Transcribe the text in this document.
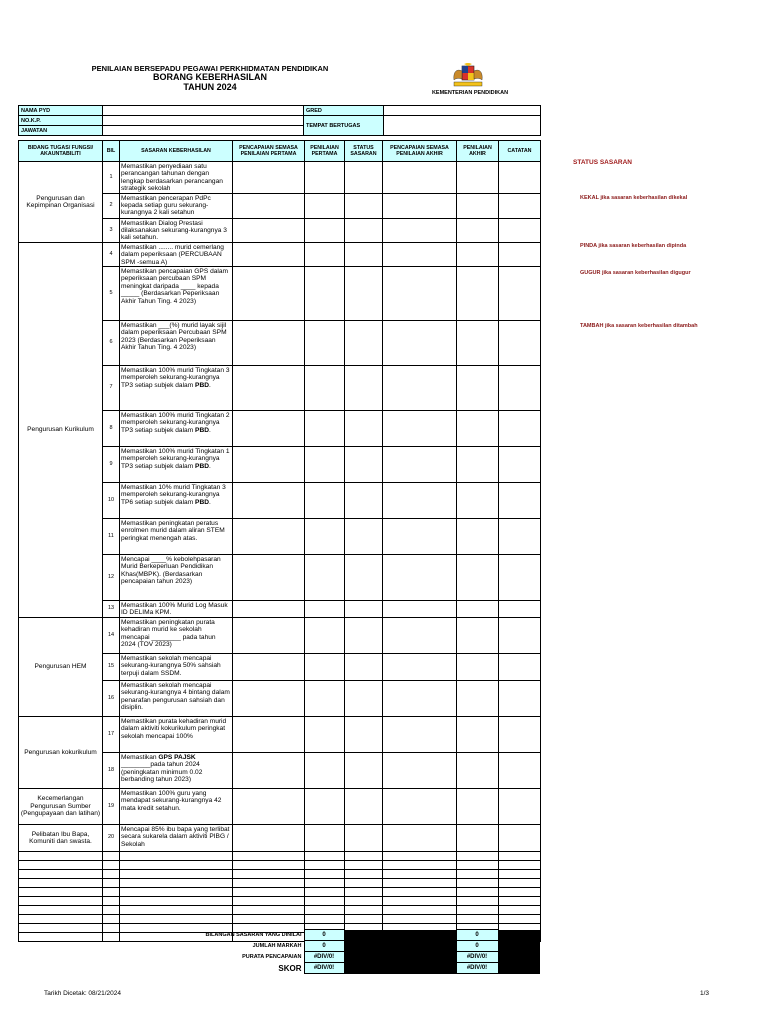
PENILAIAN BERSEPADU PEGAWAI PERKHIDMATAN PENDIDIKAN
BORANG KEBERHASILAN
TAHUN 2024
KEMENTERIAN PENDIDIKAN
NAMA PYD		GRED	
NO.K.P.		TEMPAT BERTUGAS	
JAWATAN			
BIDANG TUGAS/ FUNGSI/ AKAUNTABILITI	BIL	SASARAN KEBERHASILAN	PENCAPAIAN SEMASA PENILAIAN PERTAMA	PENILAIAN PERTAMA	STATUS SASARAN	PENCAPAIAN SEMASA PENILAIAN AKHIR	PENILAIAN AKHIR	CATATAN
Pengurusan dan Kepimpinan Organisasi	1	Memastikan penyediaan satu perancangan tahunan dengan lengkap berdasarkan perancangan strategik sekolah						
	2	Memastikan pencerapan PdPc kepada setiap guru sekurang-kurangnya 2 kali setahun						
	3	Memastikan Dialog Prestasi dilaksanakan sekurang-kurangnya 3 kali setahun.						
Pengurusan Kurikulum	4	Memastikan ........ murid cemerlang dalam peperiksaan (PERCUBAAN SPM -semua A)						
	5	Memastikan pencapaian GPS dalam peperiksaan percubaan SPM meningkat daripada ____ kepada _____ (Berdasarkan Peperiksaan Akhir Tahun Ting. 4 2023)						
	6	Memastikan ___(%) murid layak sijil dalam peperiksaan Percubaan SPM 2023 (Berdasarkan Peperiksaan Akhir Tahun Ting. 4 2023)						
	7	Memastikan 100% murid Tingkatan 3 memperoleh sekurang-kurangnya TP3 setiap subjek dalam PBD.						
	8	Memastikan 100% murid Tingkatan 2 memperoleh sekurang-kurangnya TP3 setiap subjek dalam PBD.						
	9	Memastikan 100% murid Tingkatan 1 memperoleh sekurang-kurangnya TP3 setiap subjek dalam PBD.						
	10	Memastikan 10% murid Tingkatan 3 memperoleh sekurang-kurangnya TP6 setiap subjek dalam PBD.						
	11	Memastikan peningkatan peratus enrolmen murid dalam aliran STEM peringkat menengah atas.						
	12	Mencapai ____% kebolehpasaran Murid Berkeperluan Pendidikan Khas(MBPK). (Berdasarkan pencapaian tahun 2023)						
	13	Memastikan 100% Murid Log Masuk ID DELIMa KPM.						
Pengurusan HEM	14	Memastikan peningkatan purata kehadiran murid ke sekolah mencapai ________ pada tahun 2024 (TOV 2023)						
	15	Memastikan sekolah mencapai sekurang-kurangnya 50% sahsiah terpuji dalam SSDM.						
	16	Memastikan sekolah mencapai sekurang-kurangnya 4 bintang dalam penarafan pengurusan sahsiah dan disiplin.						
Pengurusan kokurikulum	17	Memastikan purata kehadiran murid dalam aktiviti kokurikulum peringkat sekolah mencapai 100%						
	18	Memastikan GPS PAJSK ________pada tahun 2024 (peningkatan minimum 0.02 berbanding tahun 2023)						
Kecemerlangan Pengurusan Sumber (Pengupayaan dan latihan)	19	Memastikan 100% guru yang mendapat sekurang-kurangnya 42 mata kredit setahun.						
Pelibatan Ibu Bapa, Komuniti dan swasta.	20	Mencapai 85% ibu bapa yang terlibat secara sukarela dalam aktiviti PIBG / Sekolah						

BILANGAN SASARAN YANG DINILAI	0		0	
JUMLAH MARKAH	0		0	
PURATA PENCAPAIAN	#DIV/0!		#DIV/0!	
SKOR	#DIV/0!		#DIV/0!	
STATUS SASARAN
KEKAL jika sasaran keberhasilan dikekal
PINDA jika sasaran keberhasilan dipinda
GUGUR jika sasaran keberhasilan digugur
TAMBAH jika sasaran keberhasilan ditambah
Tarikh Dicetak: 08/21/2024	1/3
